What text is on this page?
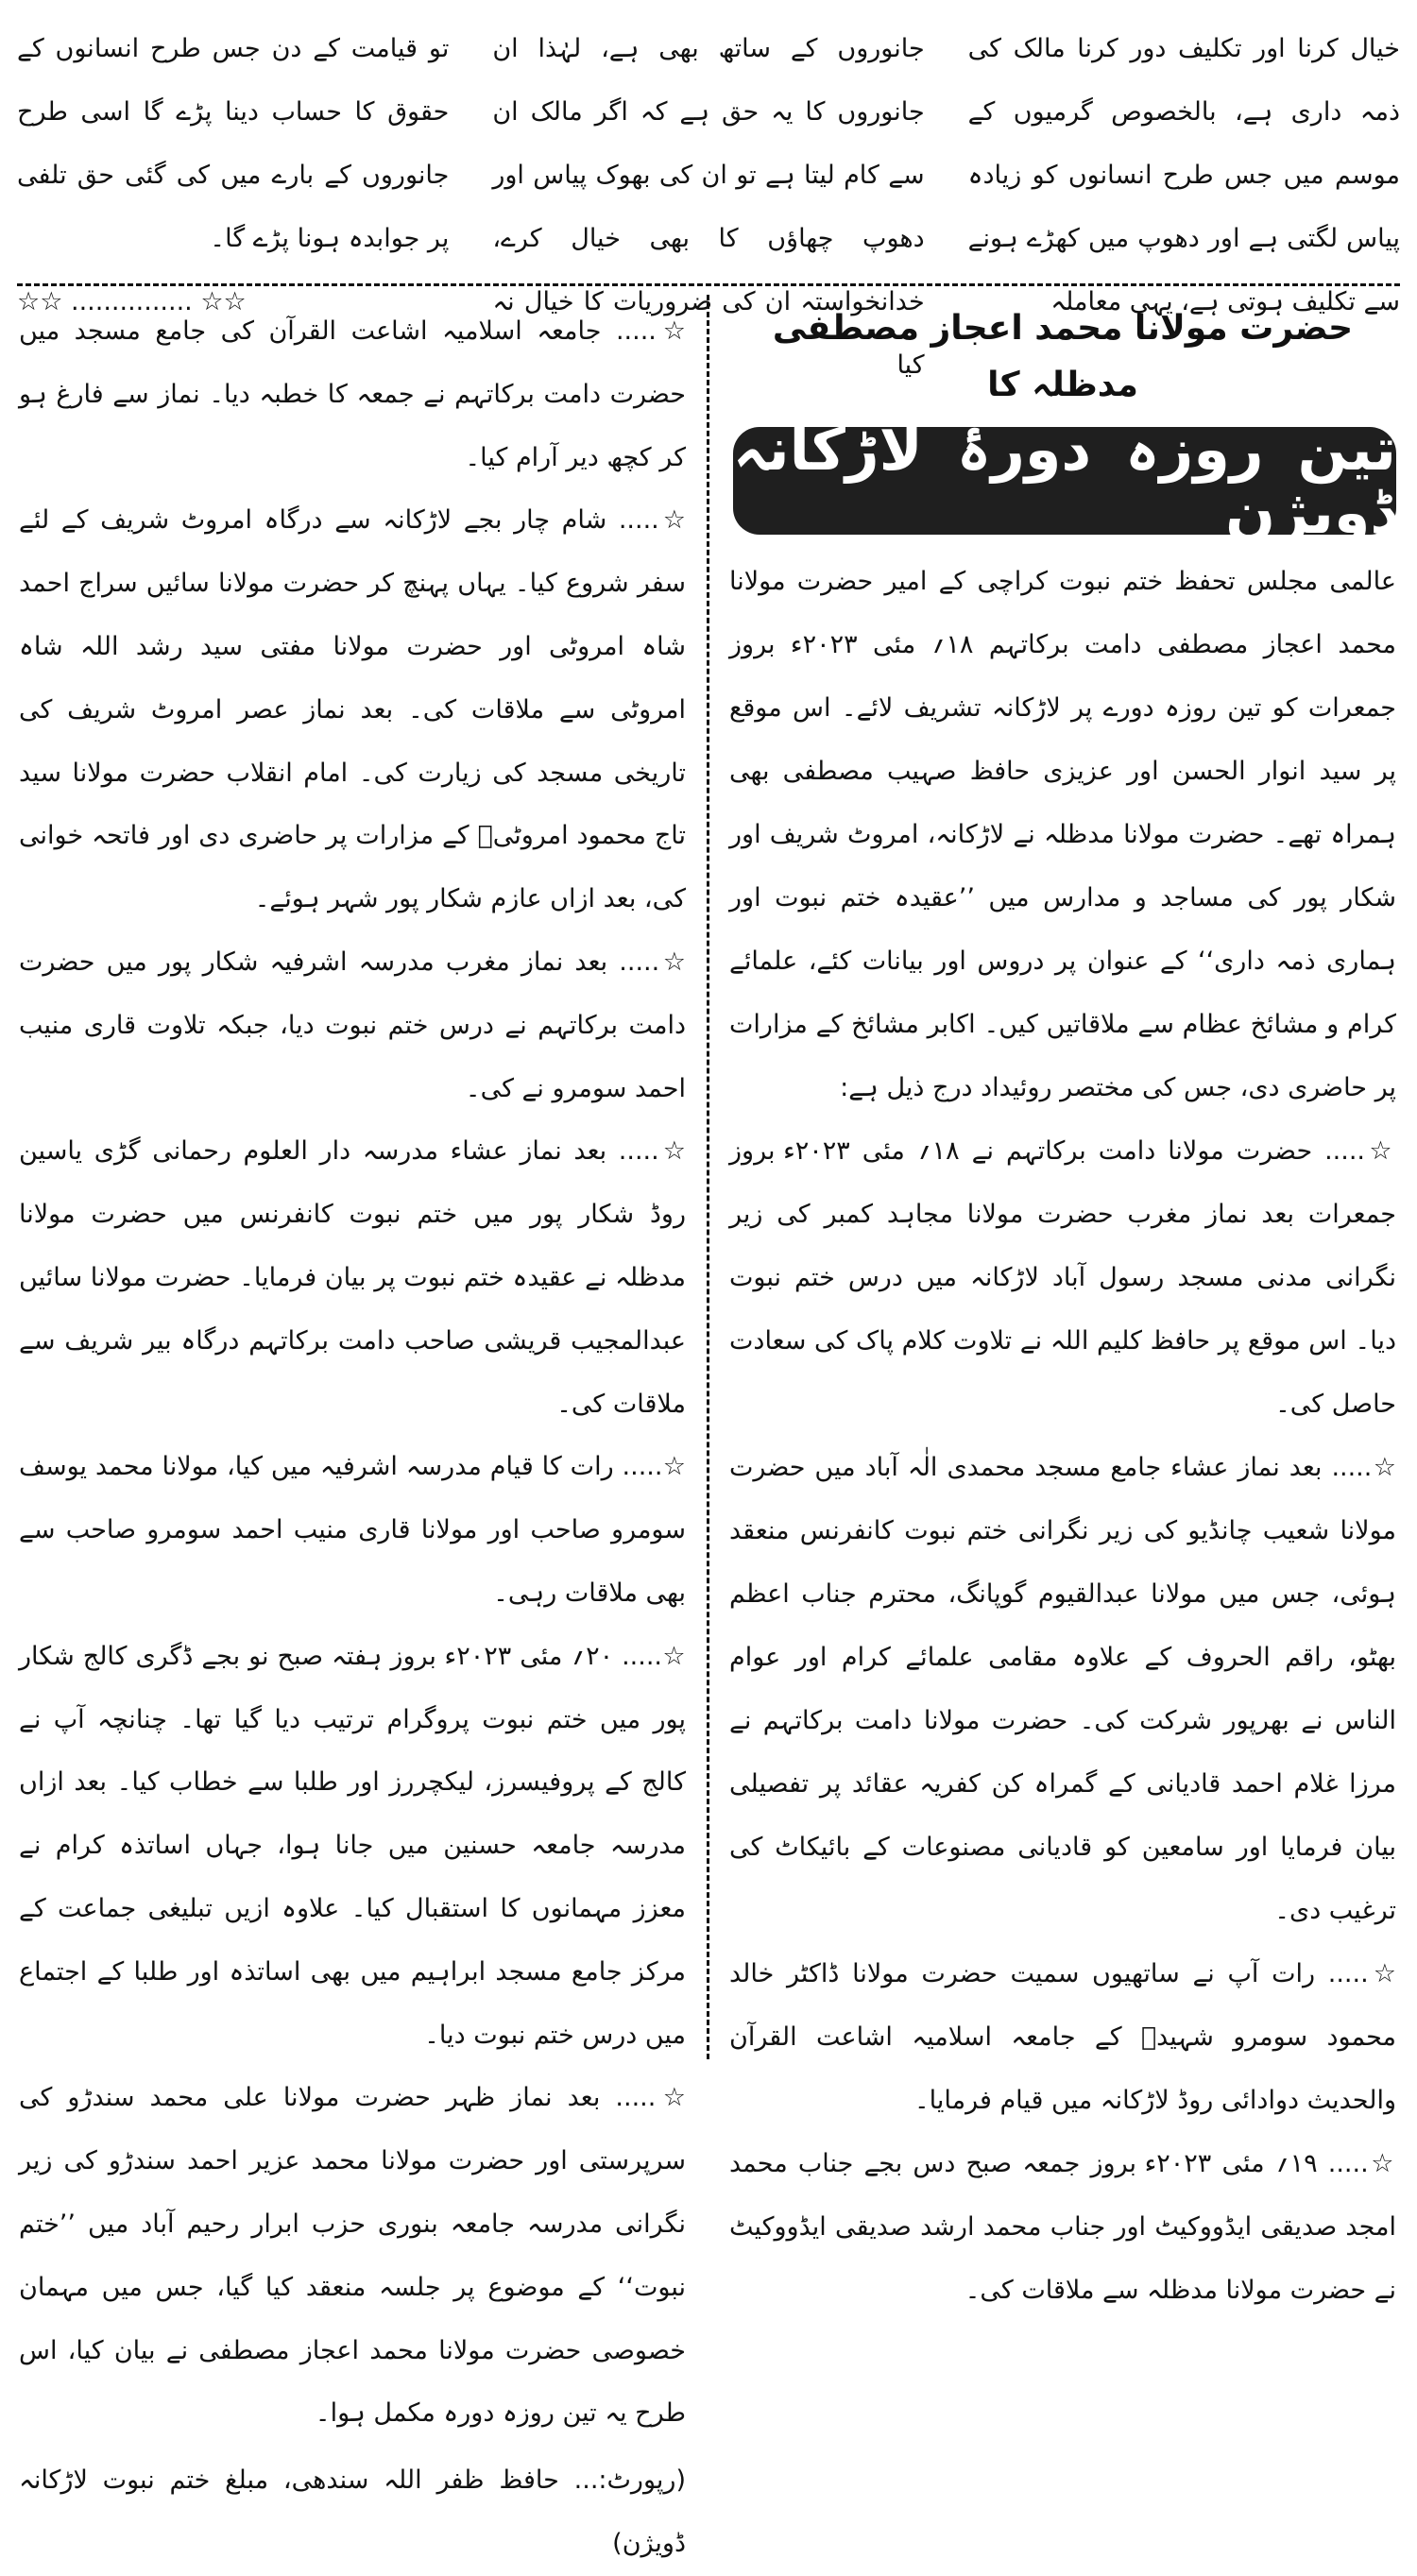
خیال کرنا اور تکلیف دور کرنا مالک کی ذمہ داری ہے، بالخصوص گرمیوں کے موسم میں جس طرح انسانوں کو زیادہ پیاس لگتی ہے اور دھوپ میں کھڑے ہونے سے تکلیف ہوتی ہے، یہی معاملہ

جانوروں کے ساتھ بھی ہے، لہٰذا ان جانوروں کا یہ حق ہے کہ اگر مالک ان سے کام لیتا ہے تو ان کی بھوک پیاس اور دھوپ چھاؤں کا بھی خیال کرے، خدانخواستہ ان کی ضروریات کا خیال نہ کیا

تو قیامت کے دن جس طرح انسانوں کے حقوق کا حساب دینا پڑے گا اسی طرح جانوروں کے بارے میں کی گئی حق تلفی پر جوابدہ ہونا پڑے گا۔

☆☆ ............... ☆☆
حضرت مولانا محمد اعجاز مصطفی مدظلہ کا
تین روزہ دورۂ لاڑکانہ ڈویژن

عالمی مجلس تحفظ ختم نبوت کراچی کے امیر حضرت مولانا محمد اعجاز مصطفی دامت برکاتہم ۱۸؍ مئی ۲۰۲۳ء بروز جمعرات کو تین روزہ دورے پر لاڑکانہ تشریف لائے۔ اس موقع پر سید انوار الحسن اور عزیزی حافظ صہیب مصطفی بھی ہمراہ تھے۔ حضرت مولانا مدظلہ نے لاڑکانہ، امروٹ شریف اور شکار پور کی مساجد و مدارس میں ’’عقیدہ ختم نبوت اور ہماری ذمہ داری‘‘ کے عنوان پر دروس اور بیانات کئے، علمائے کرام و مشائخ عظام سے ملاقاتیں کیں۔ اکابر مشائخ کے مزارات پر حاضری دی، جس کی مختصر روئیداد درج ذیل ہے:

☆..... حضرت مولانا دامت برکاتہم نے ۱۸؍ مئی ۲۰۲۳ء بروز جمعرات بعد نماز مغرب حضرت مولانا مجاہد کمبر کی زیر نگرانی مدنی مسجد رسول آباد لاڑکانہ میں درس ختم نبوت دیا۔ اس موقع پر حافظ کلیم اللہ نے تلاوت کلام پاک کی سعادت حاصل کی۔

☆..... بعد نماز عشاء جامع مسجد محمدی الٰہ آباد میں حضرت مولانا شعیب چانڈیو کی زیر نگرانی ختم نبوت کانفرنس منعقد ہوئی، جس میں مولانا عبدالقیوم گوپانگ، محترم جناب اعظم بھٹو، راقم الحروف کے علاوہ مقامی علمائے کرام اور عوام الناس نے بھرپور شرکت کی۔ حضرت مولانا دامت برکاتہم نے مرزا غلام احمد قادیانی کے گمراہ کن کفریہ عقائد پر تفصیلی بیان فرمایا اور سامعین کو قادیانی مصنوعات کے بائیکاٹ کی ترغیب دی۔

☆..... رات آپ نے ساتھیوں سمیت حضرت مولانا ڈاکٹر خالد محمود سومرو شہیدؒ کے جامعہ اسلامیہ اشاعت القرآن والحدیث دوادائی روڈ لاڑکانہ میں قیام فرمایا۔

☆..... ۱۹؍ مئی ۲۰۲۳ء بروز جمعہ صبح دس بجے جناب محمد امجد صدیقی ایڈووکیٹ اور جناب محمد ارشد صدیقی ایڈووکیٹ نے حضرت مولانا مدظلہ سے ملاقات کی۔

☆..... جامعہ اسلامیہ اشاعت القرآن کی جامع مسجد میں حضرت دامت برکاتہم نے جمعہ کا خطبہ دیا۔ نماز سے فارغ ہو کر کچھ دیر آرام کیا۔

☆..... شام چار بجے لاڑکانہ سے درگاہ امروٹ شریف کے لئے سفر شروع کیا۔ یہاں پہنچ کر حضرت مولانا سائیں سراج احمد شاہ امروٹی اور حضرت مولانا مفتی سید رشد اللہ شاہ امروٹی سے ملاقات کی۔ بعد نماز عصر امروٹ شریف کی تاریخی مسجد کی زیارت کی۔ امام انقلاب حضرت مولانا سید تاج محمود امروٹیؒ کے مزارات پر حاضری دی اور فاتحہ خوانی کی، بعد ازاں عازم شکار پور شہر ہوئے۔

☆..... بعد نماز مغرب مدرسہ اشرفیہ شکار پور میں حضرت دامت برکاتہم نے درس ختم نبوت دیا، جبکہ تلاوت قاری منیب احمد سومرو نے کی۔

☆..... بعد نماز عشاء مدرسہ دار العلوم رحمانی گڑی یاسین روڈ شکار پور میں ختم نبوت کانفرنس میں حضرت مولانا مدظلہ نے عقیدہ ختم نبوت پر بیان فرمایا۔ حضرت مولانا سائیں عبدالمجیب قریشی صاحب دامت برکاتہم درگاہ بیر شریف سے ملاقات کی۔

☆..... رات کا قیام مدرسہ اشرفیہ میں کیا، مولانا محمد یوسف سومرو صاحب اور مولانا قاری منیب احمد سومرو صاحب سے بھی ملاقات رہی۔

☆..... ۲۰؍ مئی ۲۰۲۳ء بروز ہفتہ صبح نو بجے ڈگری کالج شکار پور میں ختم نبوت پروگرام ترتیب دیا گیا تھا۔ چنانچہ آپ نے کالج کے پروفیسرز، لیکچررز اور طلبا سے خطاب کیا۔ بعد ازاں مدرسہ جامعہ حسنین میں جانا ہوا، جہاں اساتذہ کرام نے معزز مہمانوں کا استقبال کیا۔ علاوہ ازیں تبلیغی جماعت کے مرکز جامع مسجد ابراہیم میں بھی اساتذہ اور طلبا کے اجتماع میں درس ختم نبوت دیا۔

☆..... بعد نماز ظہر حضرت مولانا علی محمد سندڑو کی سرپرستی اور حضرت مولانا محمد عزیر احمد سندڑو کی زیر نگرانی مدرسہ جامعہ بنوری حزب ابرار رحیم آباد میں ’’ختم نبوت‘‘ کے موضوع پر جلسہ منعقد کیا گیا، جس میں مہمان خصوصی حضرت مولانا محمد اعجاز مصطفی نے بیان کیا، اس طرح یہ تین روزہ دورہ مکمل ہوا۔

(رپورٹ:... حافظ ظفر اللہ سندھی، مبلغ ختم نبوت لاڑکانہ ڈویژن)
